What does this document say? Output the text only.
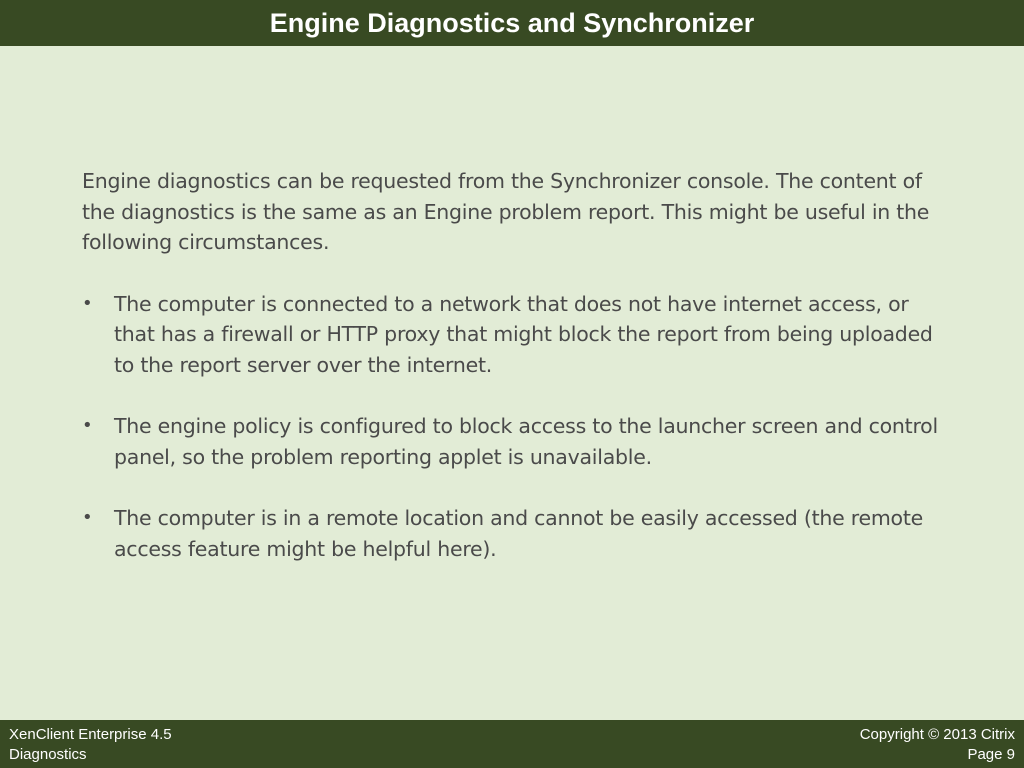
Engine Diagnostics and Synchronizer

Engine diagnostics can be requested from the Synchronizer console. The content of the diagnostics is the same as an Engine problem report. This might be useful in the following circumstances.

• The computer is connected to a network that does not have internet access, or that has a firewall or HTTP proxy that might block the report from being uploaded to the report server over the internet.
• The engine policy is configured to block access to the launcher screen and control panel, so the problem reporting applet is unavailable.
• The computer is in a remote location and cannot be easily accessed (the remote access feature might be helpful here).
XenClient Enterprise 4.5
Diagnostics
Copyright © 2013 Citrix
Page 9
